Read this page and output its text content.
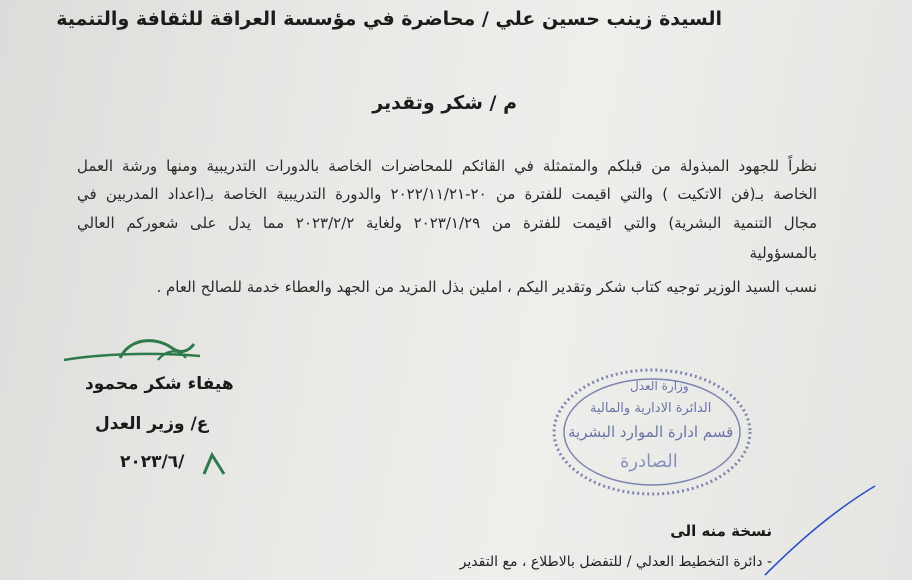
السيدة زينب حسين علي / محاضرة في مؤسسة العراقة للثقافة والتنمية
م / شكر وتقدير
نظراً للجهود المبذولة من قبلكم والمتمثلة في القائكم للمحاضرات الخاصة بالدورات التدريبية ومنها ورشة العمل
الخاصة بـ(فن الاتكيت ) والتي اقيمت للفترة من ٢٠-٢٠٢٢/١١/٢١ والدورة التدريبية الخاصة بـ(اعداد المدربين في
مجال التنمية البشرية) والتي اقيمت للفترة من ٢٠٢٣/١/٢٩ ولغاية ٢٠٢٣/٢/٢ مما يدل على شعوركم العالي
بالمسؤولية
نسب السيد الوزير توجيه كتاب شكر وتقدير اليكم ، املين بذل المزيد من الجهد والعطاء خدمة للصالح العام .
هيفاء شكر محمود
ع/ وزير العدل
٢٠٢٣/٦/
وزارة العدل
الدائرة الادارية والمالية
قسم ادارة الموارد البشرية
الصادرة
نسخة منه الى
- دائرة التخطيط العدلي / للتفضل بالاطلاع ، مع التقدير
